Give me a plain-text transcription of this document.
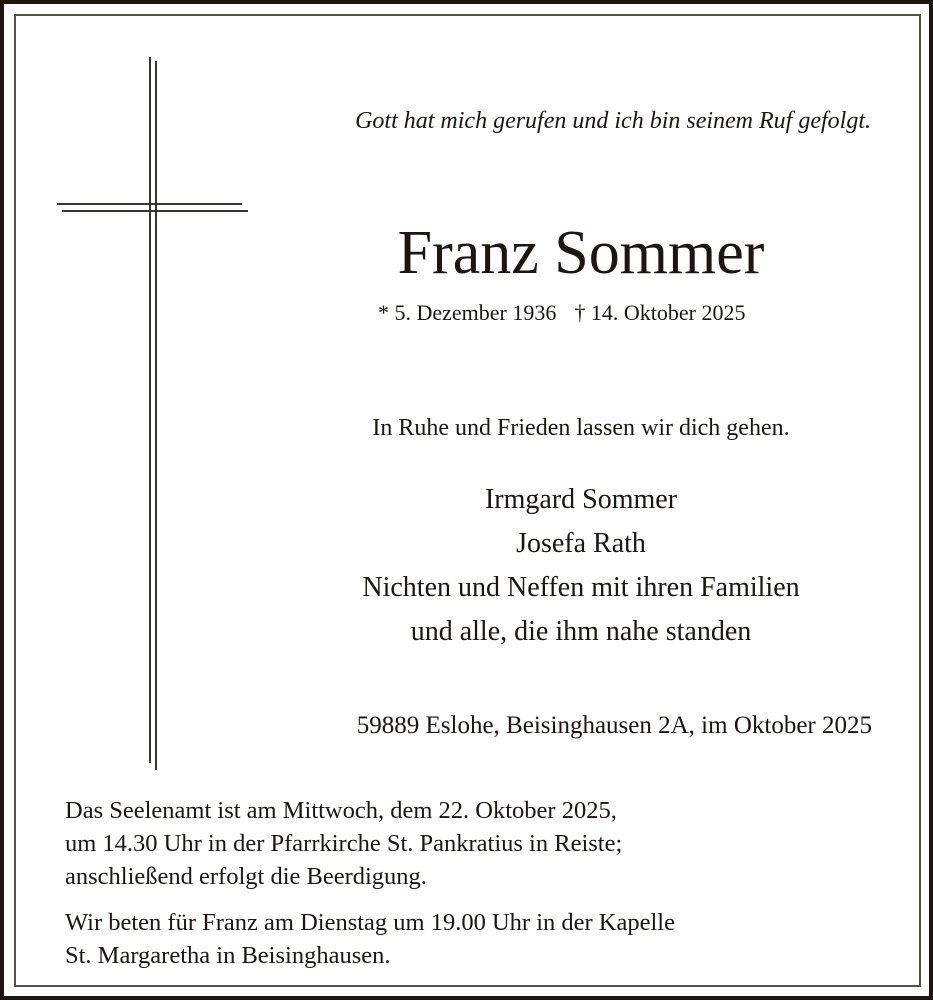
Gott hat mich gerufen und ich bin seinem Ruf gefolgt.
Franz Sommer
* 5. Dezember 1936 † 14. Oktober 2025
In Ruhe und Frieden lassen wir dich gehen.
Irmgard Sommer
Josefa Rath
Nichten und Neffen mit ihren Familien
und alle, die ihm nahe standen
59889 Eslohe, Beisinghausen 2A, im Oktober 2025
Das Seelenamt ist am Mittwoch, dem 22. Oktober 2025,
um 14.30 Uhr in der Pfarrkirche St. Pankratius in Reiste;
anschließend erfolgt die Beerdigung.
Wir beten für Franz am Dienstag um 19.00 Uhr in der Kapelle
St. Margaretha in Beisinghausen.
